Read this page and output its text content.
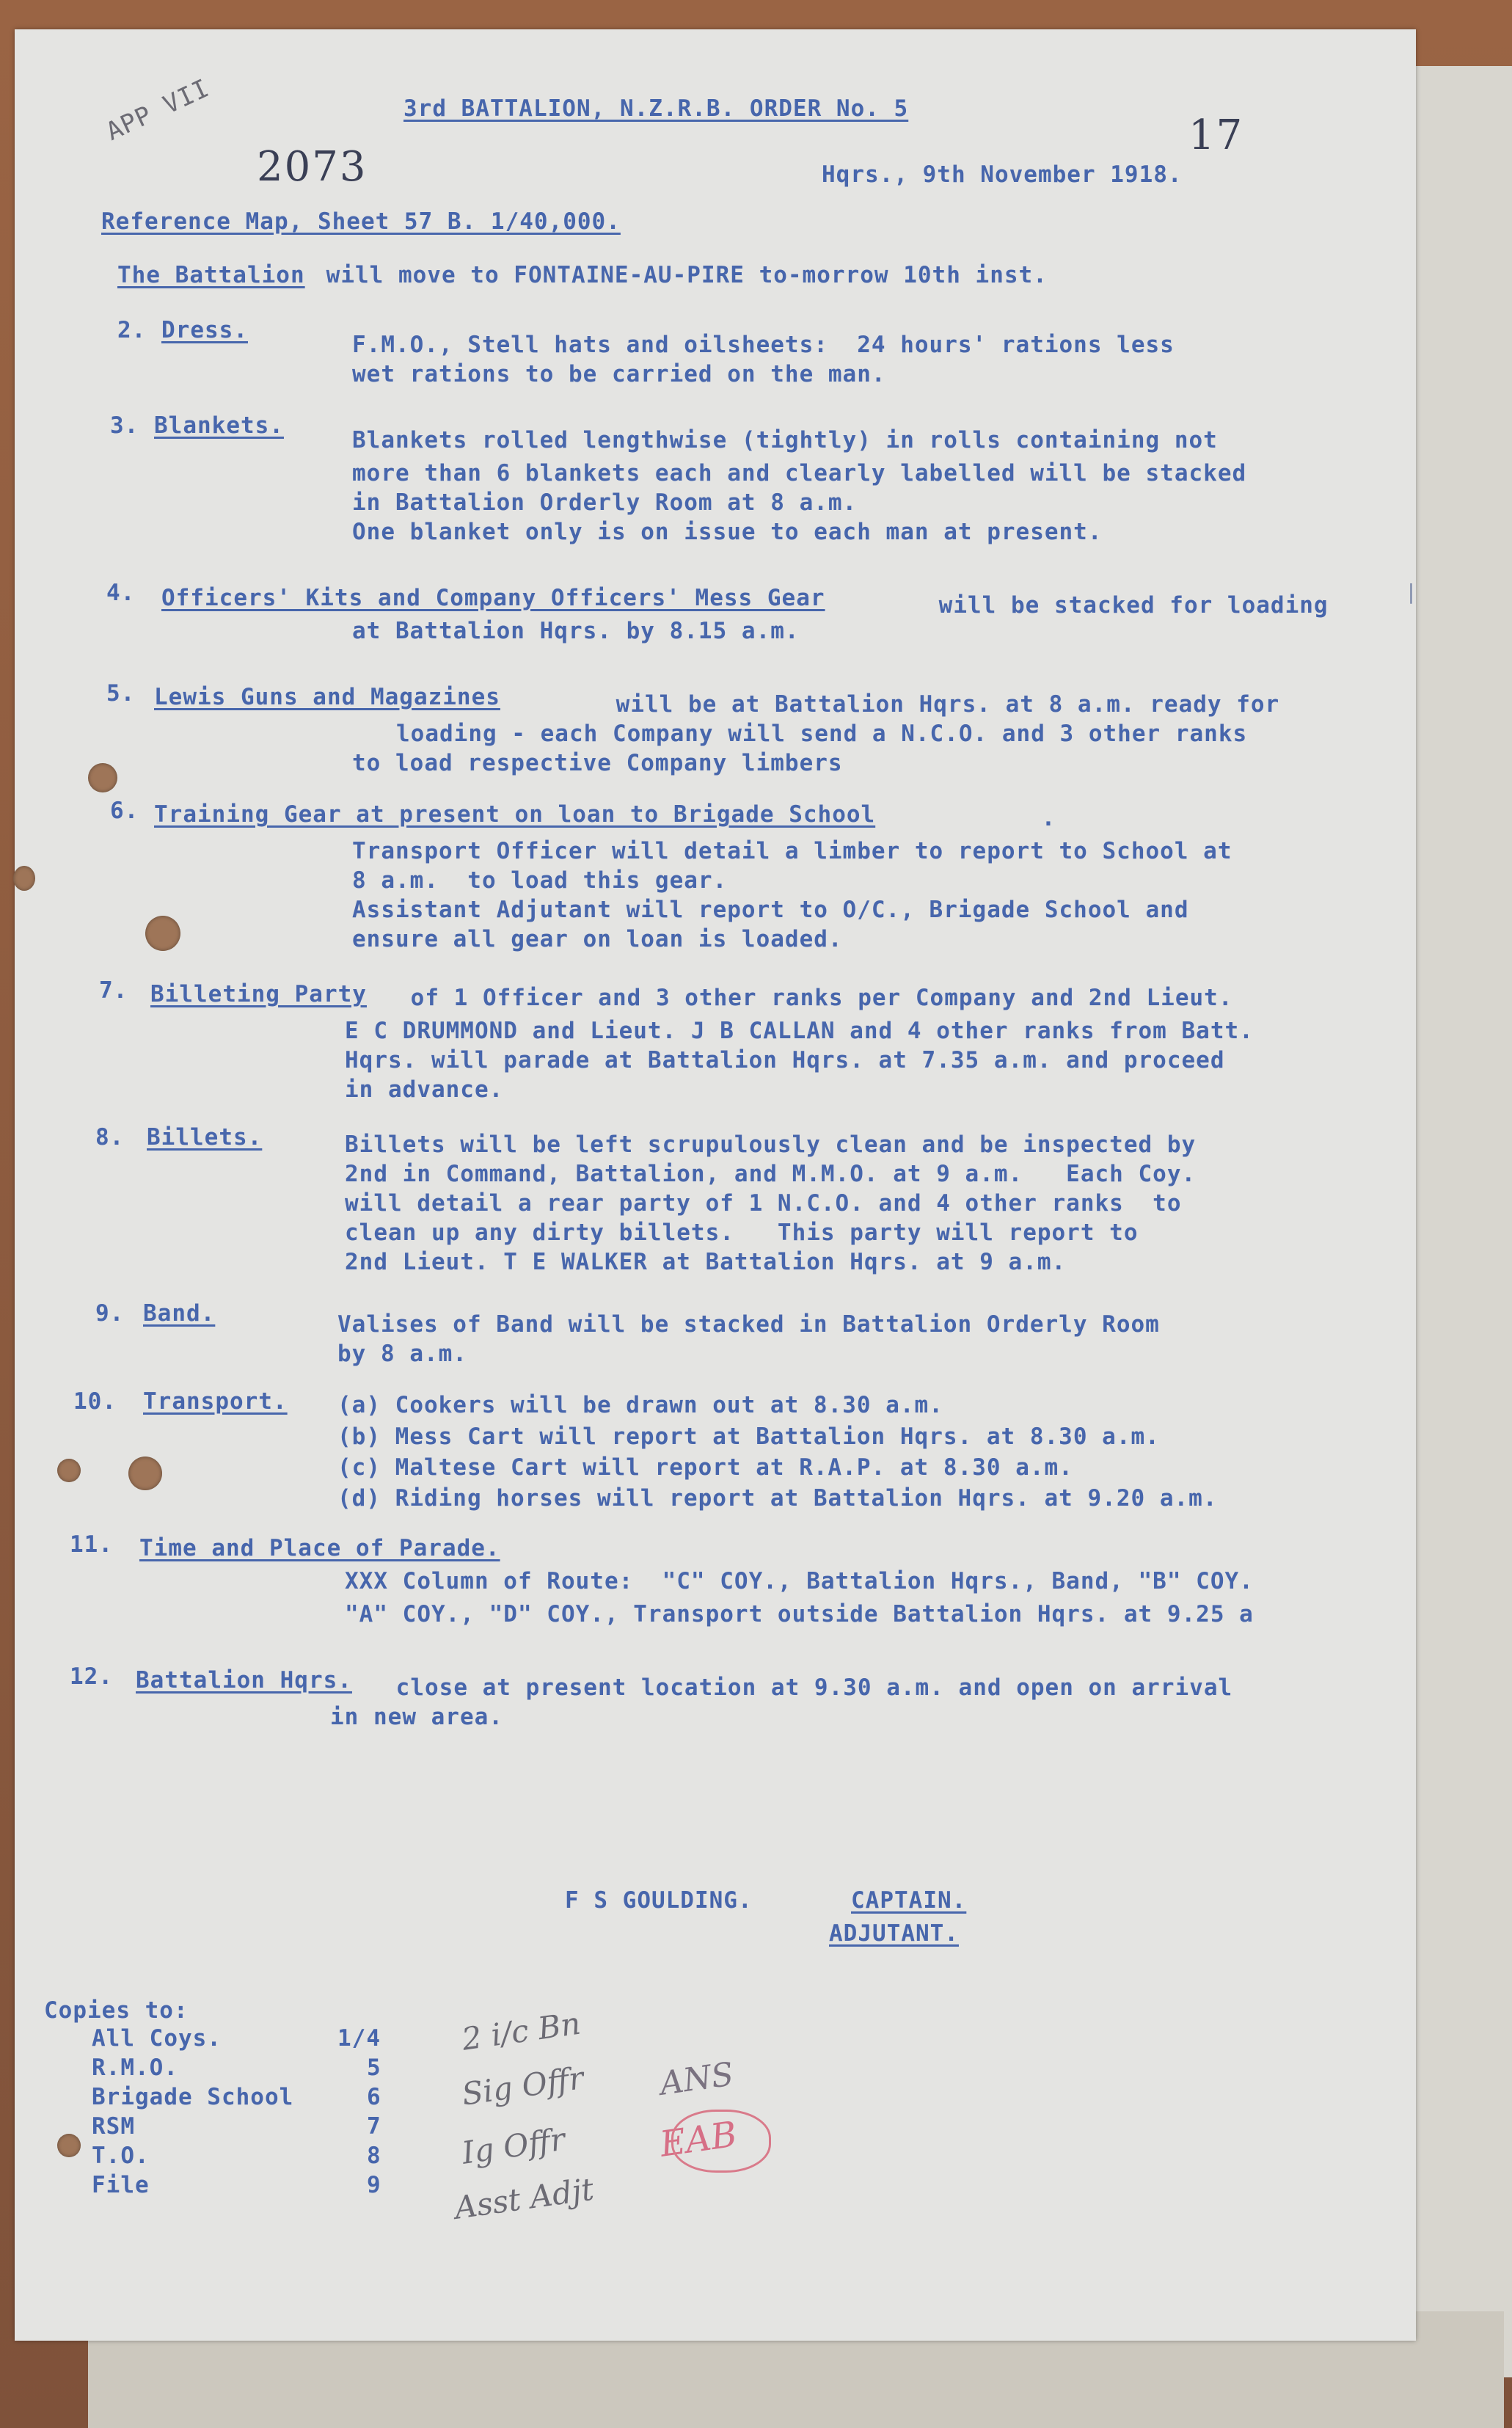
APP VII	3rd BATTALION, N.Z.R.B. ORDER No. 5
17
2073	Hqrs., 9th November 1918.
Reference Map, Sheet 57 B. 1/40,000.
The Battalion will move to FONTAINE-AU-PIRE to-morrow 10th inst.
2. Dress.
F.M.O., Stell hats and oilsheets:  24 hours' rations less
wet rations to be carried on the man.
3. Blankets.
Blankets rolled lengthwise (tightly) in rolls containing not
more than 6 blankets each and clearly labelled will be stacked
in Battalion Orderly Room at 8 a.m.
One blanket only is on issue to each man at present.
4. Officers' Kits and Company Officers' Mess Gear	will be stacked for loading
at Battalion Hqrs. by 8.15 a.m.
5. Lewis Guns and Magazines	will be at Battalion Hqrs. at 8 a.m. ready for
loading - each Company will send a N.C.O. and 3 other ranks
to load respective Company limbers
6. Training Gear at present on loan to Brigade School	.
Transport Officer will detail a limber to report to School at
8 a.m.  to load this gear.
Assistant Adjutant will report to O/C., Brigade School and
ensure all gear on loan is loaded.
7. Billeting Party of 1 Officer and 3 other ranks per Company and 2nd Lieut.
E C DRUMMOND and Lieut. J B CALLAN and 4 other ranks from Batt.
Hqrs. will parade at Battalion Hqrs. at 7.35 a.m. and proceed
in advance.
8. Billets.	Billets will be left scrupulously clean and be inspected by
2nd in Command, Battalion, and M.M.O. at 9 a.m.   Each Coy.
will detail a rear party of 1 N.C.O. and 4 other ranks  to
clean up any dirty billets.   This party will report to
2nd Lieut. T E WALKER at Battalion Hqrs. at 9 a.m.
9. Band.	Valises of Band will be stacked in Battalion Orderly Room
by 8 a.m.
10. Transport. (a) Cookers will be drawn out at 8.30 a.m.
(b) Mess Cart will report at Battalion Hqrs. at 8.30 a.m.
(c) Maltese Cart will report at R.A.P. at 8.30 a.m.
(d) Riding horses will report at Battalion Hqrs. at 9.20 a.m.
11. Time and Place of Parade.
XXX Column of Route:  "C" COY., Battalion Hqrs., Band, "B" COY.
"A" COY., "D" COY., Transport outside Battalion Hqrs. at 9.25 a
12. Battalion Hqrs. close at present location at 9.30 a.m. and open on arrival
in new area.
F S GOULDING.	CAPTAIN.
ADJUTANT.
Copies to:
All Coys.	1/4
R.M.O.	5
Brigade School	6
RSM	7
T.O.	8
File	9
2 i/c Bn
Sig Offr
Ig Offr
Asst Adjt
ANS
EAB
|
